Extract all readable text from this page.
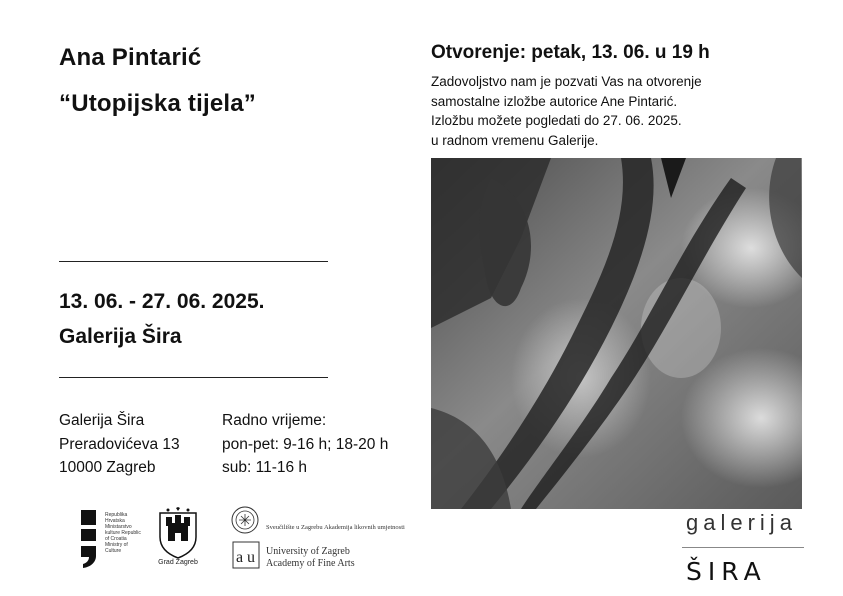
Ana Pintarić
“Utopijska tijela”
13. 06. - 27. 06. 2025.
Galerija Šira
Galerija Šira
Preradovićeva 13
10000 Zagreb
Radno vrijeme:
pon-pet: 9-16 h; 18-20 h
sub: 11-16 h
Otvorenje: petak, 13. 06. u 19 h
Zadovoljstvo nam je pozvati Vas na otvorenje
samostalne izložbe autorice Ane Pintarić.
Izložbu možete pogledati do 27. 06. 2025.
u radnom vremenu Galerije.
galerija
ŠIRA
Republika Hrvatska Ministarstvo kulture Republic of Croatia Ministry of Culture
Grad Zagreb a u
Sveučilište u Zagrebu Akademija likovnih umjetnosti
University of Zagreb
Academy of Fine Arts
